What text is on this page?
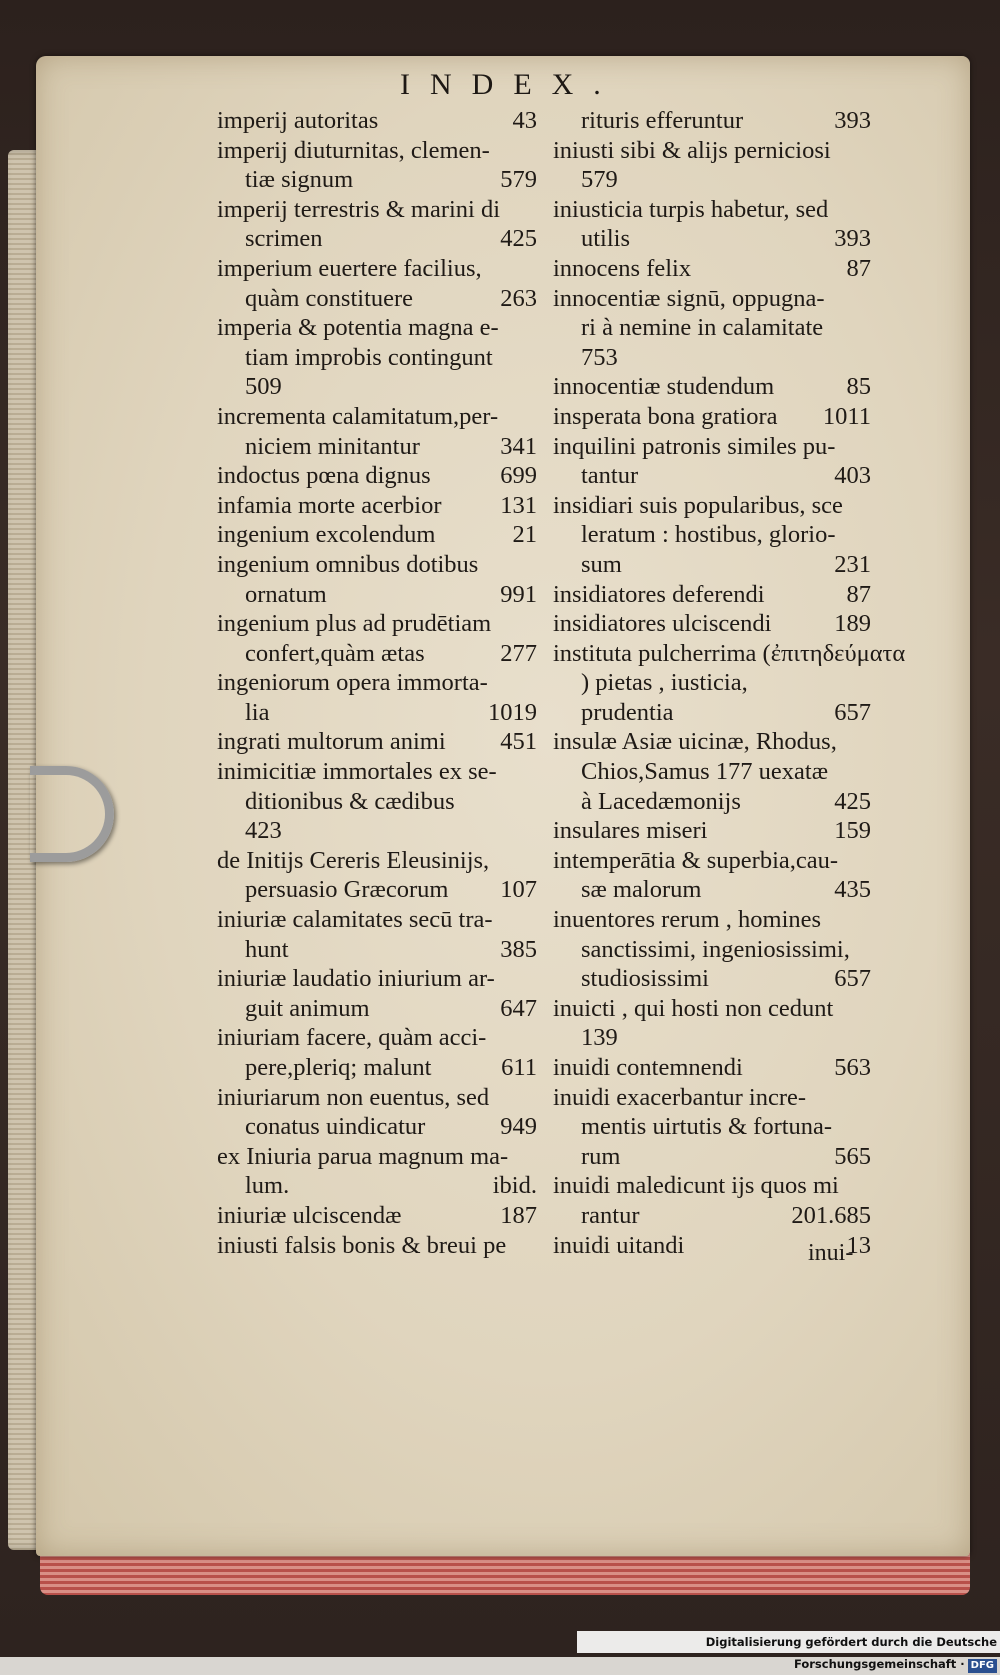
INDEX.
imperij autoritas	43
imperij diuturnitas, clemen-
tiæ signum	579
imperij terrestris & marini di
scrimen	425
imperium euertere facilius,
quàm constituere	263
imperia & potentia magna e-
tiam improbis contingunt
509
incrementa calamitatum,per-
niciem minitantur	341
indoctus pœna dignus	699
infamia morte acerbior	131
ingenium excolendum	21
ingenium omnibus dotibus
ornatum	991
ingenium plus ad prudētiam
confert,quàm ætas	277
ingeniorum opera immorta-
lia	1019
ingrati multorum animi	451
inimicitiæ immortales ex se-
ditionibus & cædibus
423
de Initijs Cereris Eleusinijs,
persuasio Græcorum	107
iniuriæ calamitates secū tra-
hunt	385
iniuriæ laudatio iniurium ar-
guit animum	647
iniuriam facere, quàm acci-
pere,pleriq; malunt	611
iniuriarum non euentus, sed
conatus uindicatur	949
ex Iniuria parua magnum ma-
lum.	ibid.
iniuriæ ulciscendæ	187
iniusti falsis bonis & breui pe
rituris efferuntur	393
iniusti sibi & alijs perniciosi
579
iniusticia turpis habetur, sed
utilis	393
innocens felix	87
innocentiæ signū, oppugna-
ri à nemine in calamitate
753
innocentiæ studendum	85
insperata bona gratiora	1011
inquilini patronis similes pu-
tantur	403
insidiari suis popularibus, sce
leratum : hostibus, glorio-
sum	231
insidiatores deferendi	87
insidiatores ulciscendi	189
instituta pulcherrima (ἐπιτηδεύματα
) pietas , iusticia,
prudentia	657
insulæ Asiæ uicinæ, Rhodus,
Chios,Samus 177 uexatæ
à Lacedæmonijs	425
insulares miseri	159
intemperātia & superbia,cau-
sæ malorum	435
inuentores rerum , homines
sanctissimi, ingeniosissimi,
studiosissimi	657
inuicti , qui hosti non cedunt
139
inuidi contemnendi	563
inuidi exacerbantur incre-
mentis uirtutis & fortuna-
rum	565
inuidi maledicunt ijs quos mi
rantur	201.685
inuidi uitandi	13
inui-
Digitalisierung gefördert durch die Deutsche Forschungsgemeinschaft · DFG
